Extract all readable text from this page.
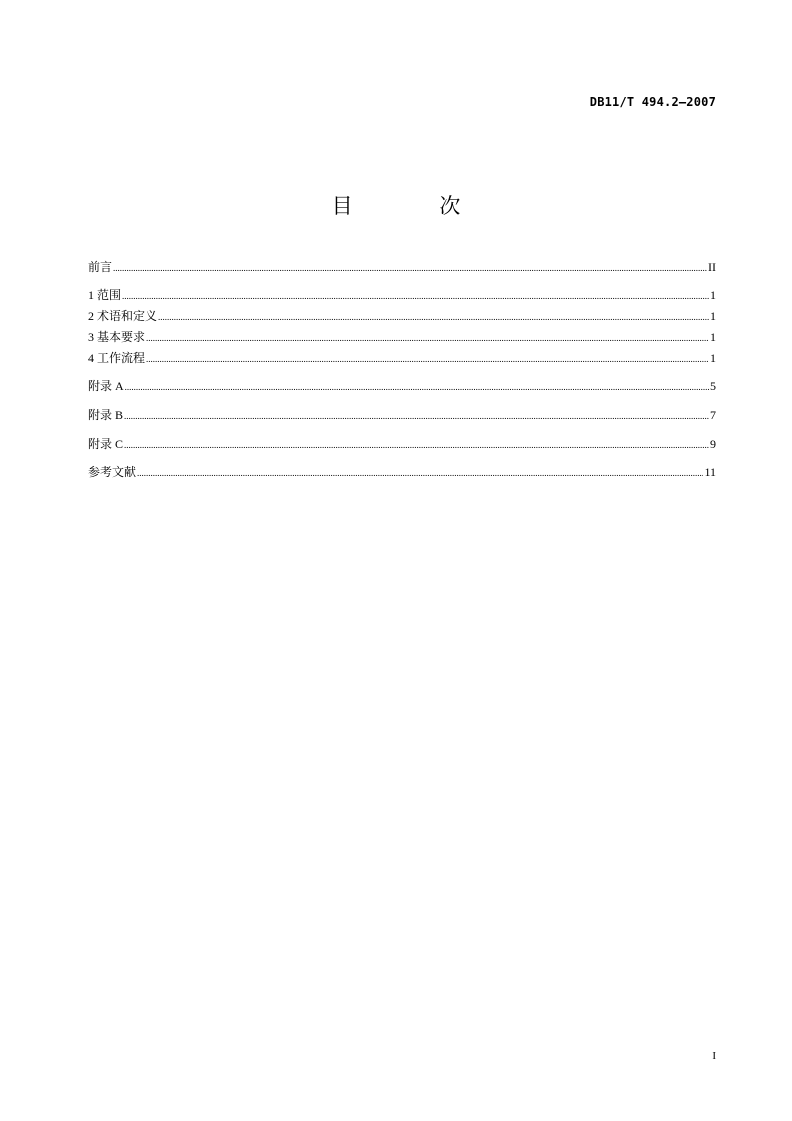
DB11/T 494.2—2007
目 次
前言 .....	II
1 范围 .....	1
2 术语和定义 .....	1
3 基本要求 .....	1
4 工作流程 .....	1
附录 A .....	5
附录 B .....	7
附录 C .....	9
参考文献 .....	11
I
